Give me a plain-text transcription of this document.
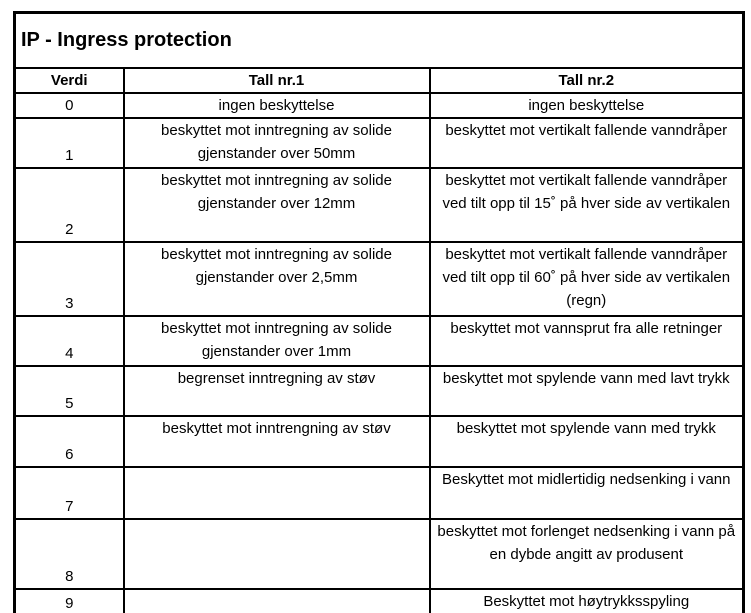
IP - Ingress protection		
Verdi	Tall nr.1	Tall nr.2
0	ingen beskyttelse	ingen beskyttelse
1	beskyttet mot inntregning av solide gjenstander over 50mm	beskyttet mot vertikalt fallende vanndråper
2	beskyttet mot inntregning av solide gjenstander over 12mm	beskyttet mot vertikalt fallende vanndråper ved tilt opp til 15˚ på hver side av vertikalen
3	beskyttet mot inntregning av solide gjenstander over 2,5mm	beskyttet mot vertikalt fallende vanndråper ved tilt opp til 60˚ på hver side av vertikalen (regn)
4	beskyttet mot inntregning av solide gjenstander over 1mm	beskyttet mot vannsprut fra alle retninger
5	begrenset inntregning av støv	beskyttet mot spylende vann med lavt trykk
6	beskyttet mot inntrengning av støv	beskyttet mot spylende vann med trykk
7		Beskyttet mot midlertidig nedsenking i vann
8		beskyttet mot forlenget nedsenking i vann på en dybde angitt av produsent
9		Beskyttet mot høytrykksspyling
